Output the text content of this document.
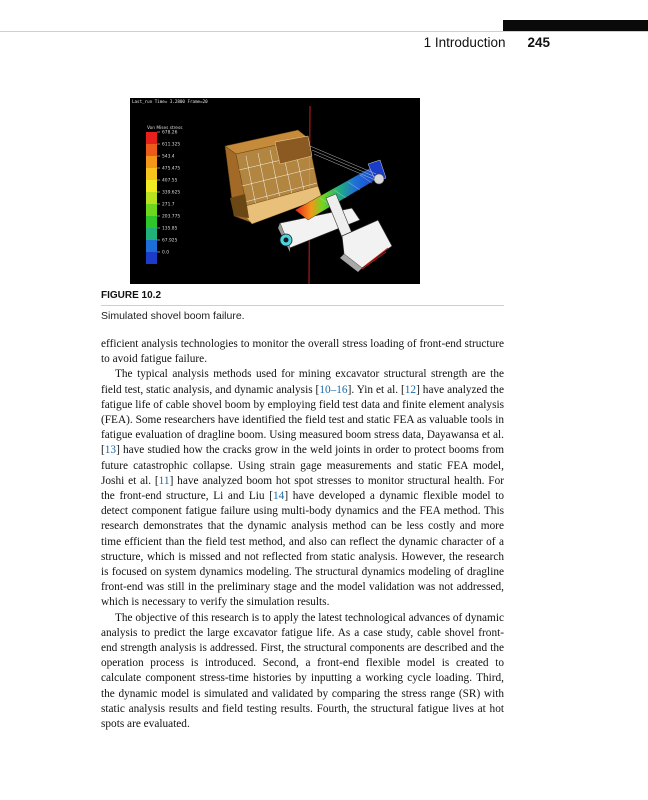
1 Introduction 245
Last_run Time= 3.2800 Frame=20
Von Mises stress
678.26
611.325
543.4
475.475
407.55
339.625
271.7
203.775
135.85
67.925
0.0
FIGURE 10.2
Simulated shovel boom failure.

efficient analysis technologies to monitor the overall stress loading of front-end structure to avoid fatigue failure.

The typical analysis methods used for mining excavator structural strength are the field test, static analysis, and dynamic analysis [10–16]. Yin et al. [12] have analyzed the fatigue life of cable shovel boom by employing field test data and finite element analysis (FEA). Some researchers have identified the field test and static FEA as valuable tools in fatigue evaluation of dragline boom. Using measured boom stress data, Dayawansa et al. [13] have studied how the cracks grow in the weld joints in order to protect booms from future catastrophic collapse. Using strain gage measurements and static FEA model, Joshi et al. [11] have analyzed boom hot spot stresses to monitor structural health. For the front-end structure, Li and Liu [14] have developed a dynamic flexible model to detect component fatigue failure using multi-body dynamics and the FEA method. This research demonstrates that the dynamic analysis method can be less costly and more time efficient than the field test method, and also can reflect the dynamic character of a structure, which is missed and not reflected from static analysis. However, the research is focused on system dynamics modeling. The structural dynamics modeling of dragline front-end was still in the preliminary stage and the model validation was not addressed, which is necessary to verify the simulation results.

The objective of this research is to apply the latest technological advances of dynamic analysis to predict the large excavator fatigue life. As a case study, cable shovel front-end strength analysis is addressed. First, the structural components are described and the operation process is introduced. Second, a front-end flexible model is created to calculate component stress-time histories by inputting a working cycle loading. Third, the dynamic model is simulated and validated by comparing the stress range (SR) with static analysis results and field testing results. Fourth, the structural fatigue lives at hot spots are evaluated.
